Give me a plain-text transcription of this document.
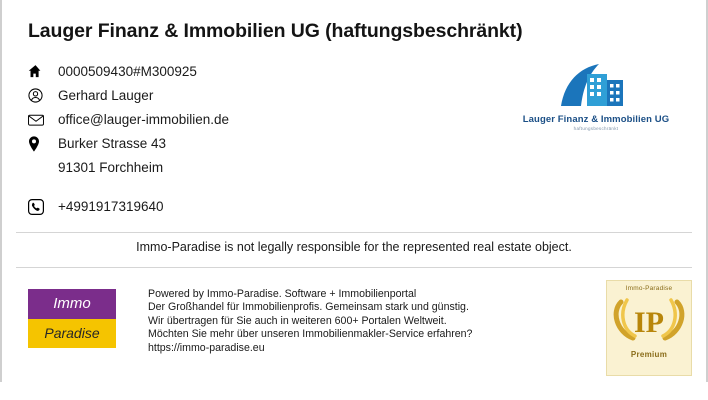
Lauger Finanz & Immobilien UG (haftungsbeschränkt)
0000509430#M300925
Gerhard Lauger
office@lauger-immobilien.de
Burker Strasse 43
91301 Forchheim
+4991917319640
Lauger Finanz & Immobilien UG
haftungsbeschränkt
Immo-Paradise is not legally responsible for the represented real estate object.
Immo
Paradise
Powered by Immo-Paradise. Software + Immobilienportal
Der Großhandel für Immobilienprofis. Gemeinsam stark und günstig.
Wir übertragen für Sie auch in weiteren 600+ Portalen Weltweit.
Möchten Sie mehr über unseren Immobilienmakler-Service erfahren?
https://immo-paradise.eu
Immo-Paradise
IP
Premium
